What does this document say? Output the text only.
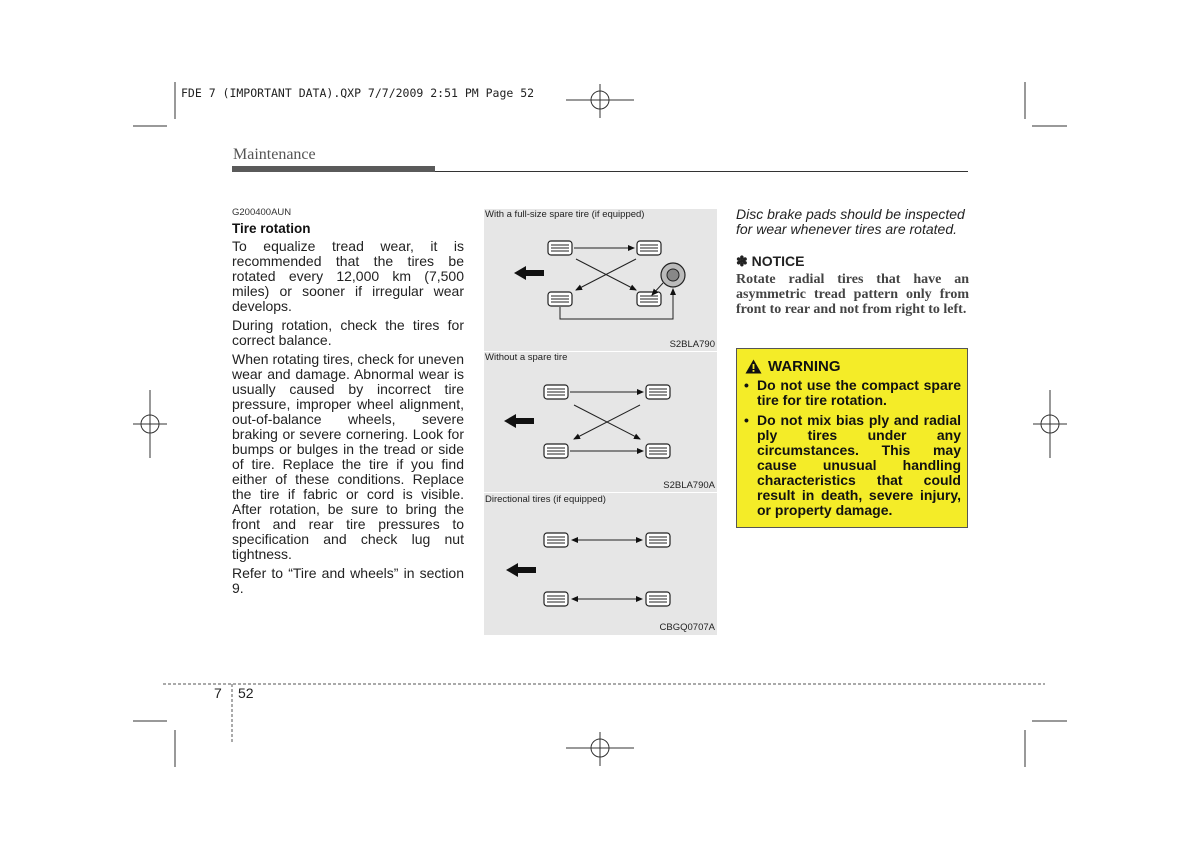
FDE 7 (IMPORTANT DATA).QXP 7/7/2009 2:51 PM Page 52
Maintenance
G200400AUN
Tire rotation

To equalize tread wear, it is recommended that the tires be rotated every 12,000 km (7,500 miles) or sooner if irregular wear develops.

During rotation, check the tires for correct balance.

When rotating tires, check for uneven wear and damage. Abnormal wear is usually caused by incorrect tire pressure, improper wheel alignment, out-of-balance wheels, severe braking or severe cornering. Look for bumps or bulges in the tread or side of tire. Replace the tire if you find either of these conditions. Replace the tire if fabric or cord is visible. After rotation, be sure to bring the front and rear tire pressures to specification and check lug nut tightness.

Refer to “Tire and wheels” in section 9.

With a full-size spare tire (if equipped)
S2BLA790
Without a spare tire
S2BLA790A
Directional tires (if equipped)
CBGQ0707A

Disc brake pads should be inspected for wear whenever tires are rotated.

✽ NOTICE

Rotate radial tires that have an asymmetric tread pattern only from front to rear and not from right to left.

WARNING
• Do not use the compact spare tire for tire rotation.
• Do not mix bias ply and radial ply tires under any circumstances. This may cause unusual handling characteristics that could result in death, severe injury, or property damage.
7 52
